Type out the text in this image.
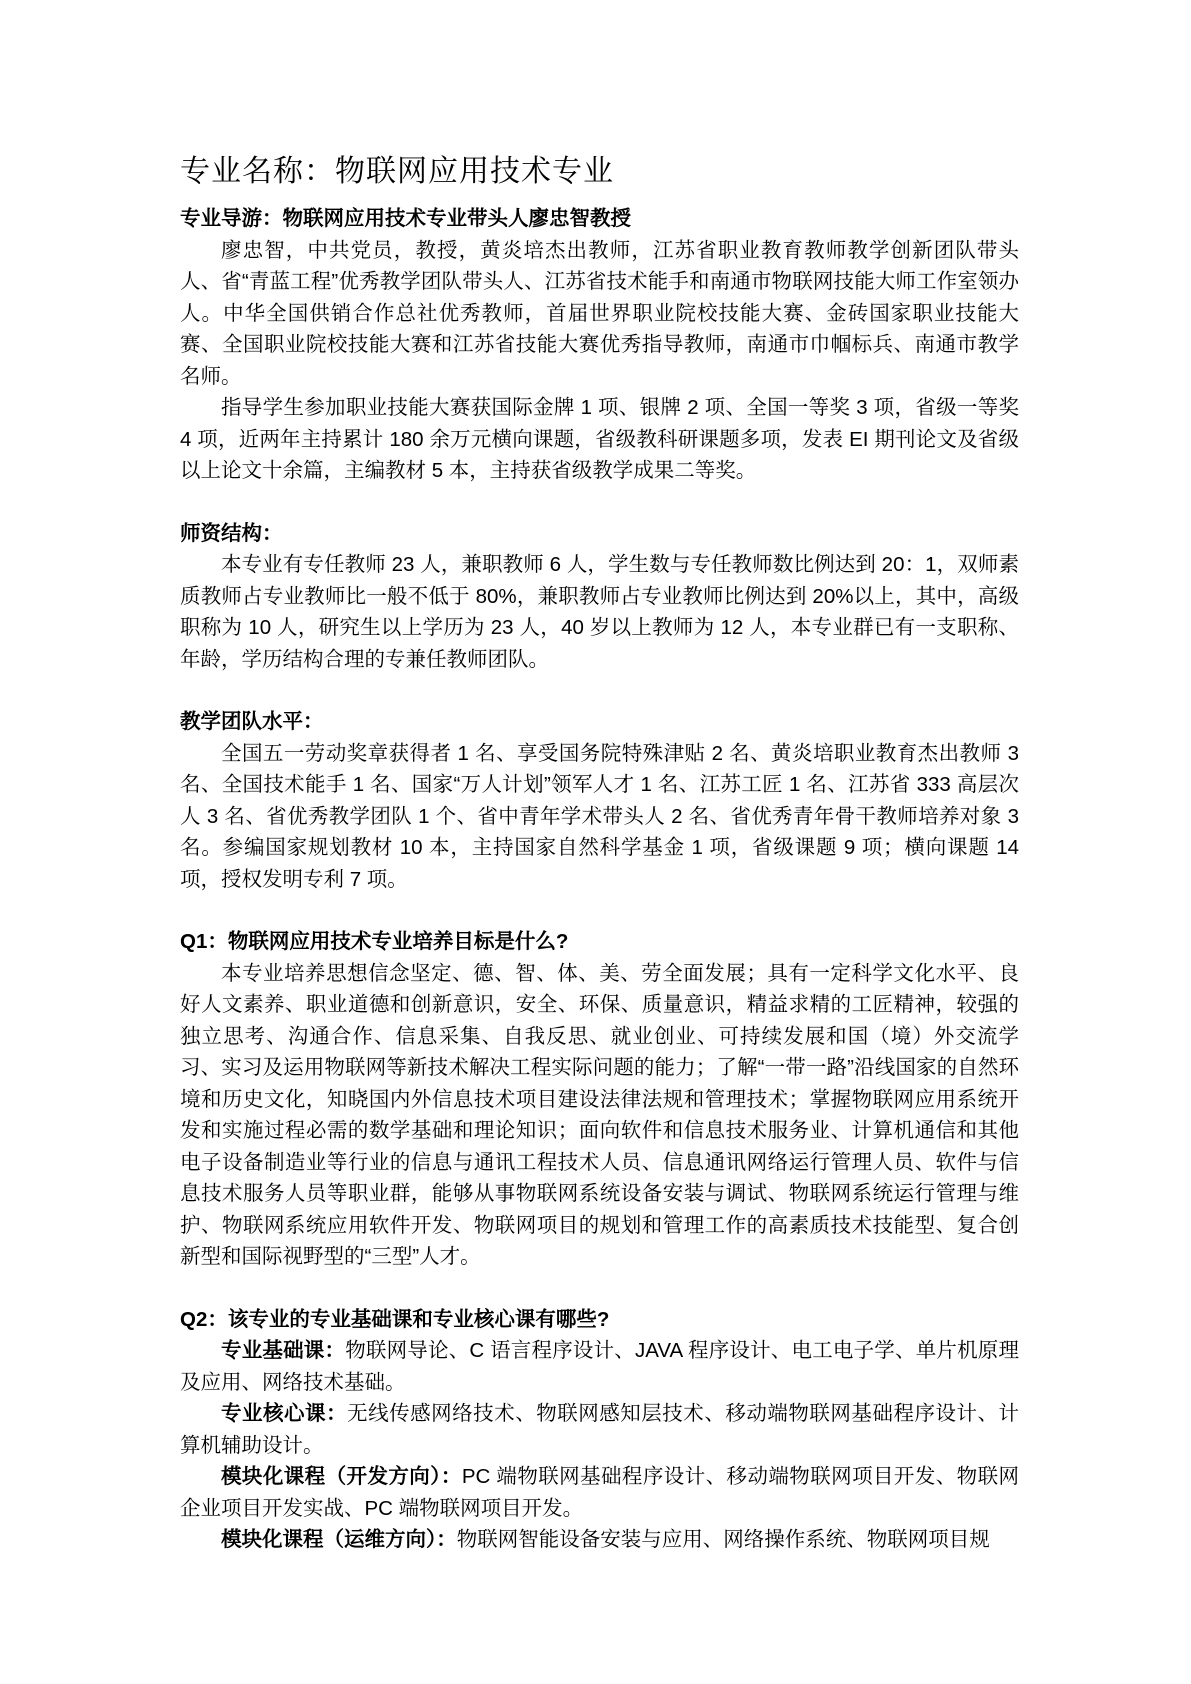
专业名称：物联网应用技术专业
专业导游：物联网应用技术专业带头人廖忠智教授

廖忠智，中共党员，教授，黄炎培杰出教师，江苏省职业教育教师教学创新团队带头人、省“青蓝工程”优秀教学团队带头人、江苏省技术能手和南通市物联网技能大师工作室领办人。中华全国供销合作总社优秀教师，首届世界职业院校技能大赛、金砖国家职业技能大赛、全国职业院校技能大赛和江苏省技能大赛优秀指导教师，南通市巾帼标兵、南通市教学名师。

指导学生参加职业技能大赛获国际金牌 1 项、银牌 2 项、全国一等奖 3 项，省级一等奖 4 项，近两年主持累计 180 余万元横向课题，省级教科研课题多项，发表 EI 期刊论文及省级以上论文十余篇，主编教材 5 本，主持获省级教学成果二等奖。

师资结构：

本专业有专任教师 23 人，兼职教师 6 人，学生数与专任教师数比例达到 20：1，双师素质教师占专业教师比一般不低于 80%，兼职教师占专业教师比例达到 20%以上，其中，高级职称为 10 人，研究生以上学历为 23 人，40 岁以上教师为 12 人，本专业群已有一支职称、年龄，学历结构合理的专兼任教师团队。

教学团队水平：

全国五一劳动奖章获得者 1 名、享受国务院特殊津贴 2 名、黄炎培职业教育杰出教师 3 名、全国技术能手 1 名、国家“万人计划”领军人才 1 名、江苏工匠 1 名、江苏省 333 高层次人 3 名、省优秀教学团队 1 个、省中青年学术带头人 2 名、省优秀青年骨干教师培养对象 3 名。参编国家规划教材 10 本，主持国家自然科学基金 1 项，省级课题 9 项；横向课题 14 项，授权发明专利 7 项。

Q1：物联网应用技术专业培养目标是什么?

本专业培养思想信念坚定、德、智、体、美、劳全面发展；具有一定科学文化水平、良好人文素养、职业道德和创新意识，安全、环保、质量意识，精益求精的工匠精神，较强的独立思考、沟通合作、信息采集、自我反思、就业创业、可持续发展和国（境）外交流学习、实习及运用物联网等新技术解决工程实际问题的能力；了解“一带一路”沿线国家的自然环境和历史文化，知晓国内外信息技术项目建设法律法规和管理技术；掌握物联网应用系统开发和实施过程必需的数学基础和理论知识；面向软件和信息技术服务业、计算机通信和其他电子设备制造业等行业的信息与通讯工程技术人员、信息通讯网络运行管理人员、软件与信息技术服务人员等职业群，能够从事物联网系统设备安装与调试、物联网系统运行管理与维护、物联网系统应用软件开发、物联网项目的规划和管理工作的高素质技术技能型、复合创新型和国际视野型的“三型”人才。

Q2：该专业的专业基础课和专业核心课有哪些?

专业基础课：物联网导论、C 语言程序设计、JAVA 程序设计、电工电子学、单片机原理及应用、网络技术基础。

专业核心课：无线传感网络技术、物联网感知层技术、移动端物联网基础程序设计、计算机辅助设计。

模块化课程（开发方向）：PC 端物联网基础程序设计、移动端物联网项目开发、物联网企业项目开发实战、PC 端物联网项目开发。

模块化课程（运维方向）：物联网智能设备安装与应用、网络操作系统、物联网项目规
